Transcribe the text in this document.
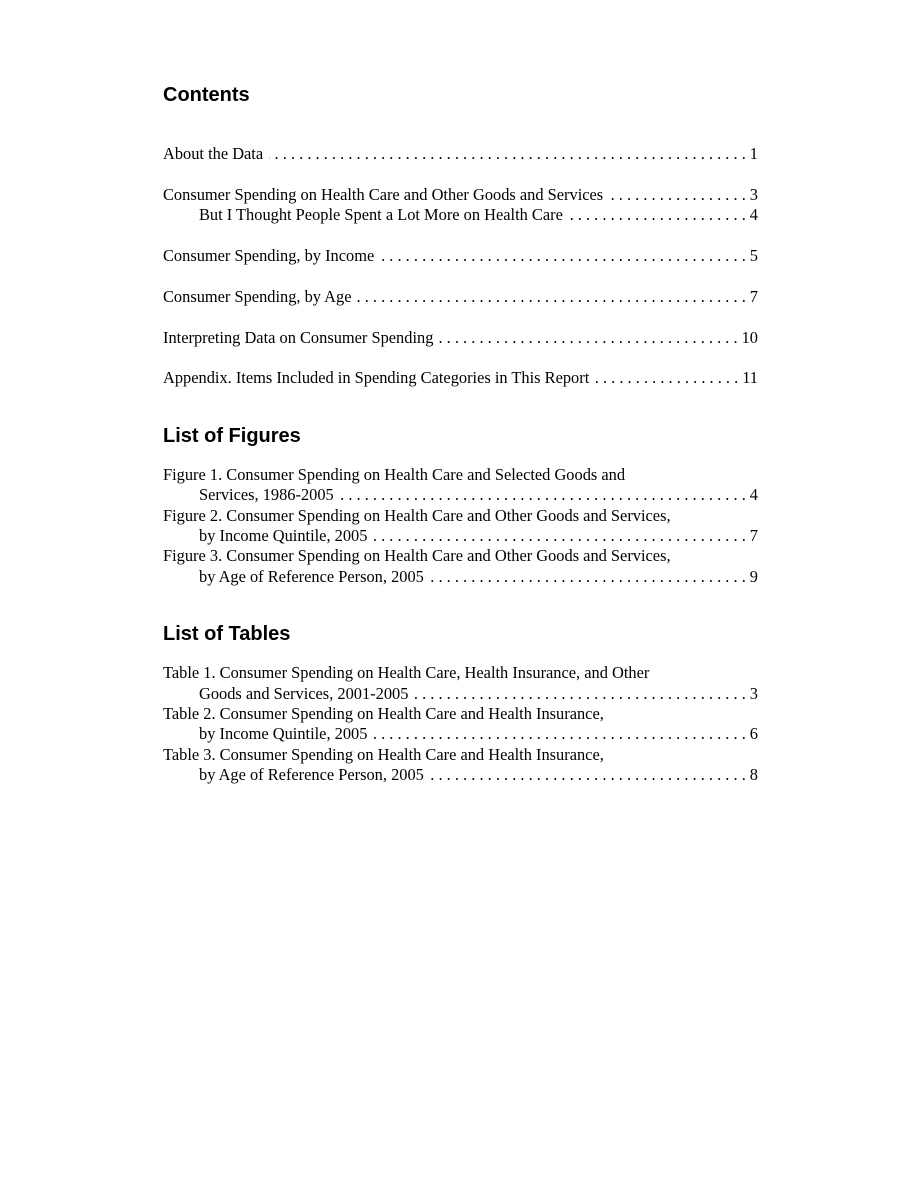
Contents
About the Data . . .	1
Consumer Spending on Health Care and Other Goods and Services . . .	3
But I Thought People Spent a Lot More on Health Care . . .	4
Consumer Spending, by Income . . .	5
Consumer Spending, by Age . . .	7
Interpreting Data on Consumer Spending . . .	10
Appendix. Items Included in Spending Categories in This Report . . .	11
List of Figures
Figure 1. Consumer Spending on Health Care and Selected Goods and
Services, 1986-2005 . . .	4
Figure 2. Consumer Spending on Health Care and Other Goods and Services,
by Income Quintile, 2005 . . .	7
Figure 3. Consumer Spending on Health Care and Other Goods and Services,
by Age of Reference Person, 2005 . . .	9
List of Tables
Table 1. Consumer Spending on Health Care, Health Insurance, and Other
Goods and Services, 2001-2005 . . .	3
Table 2. Consumer Spending on Health Care and Health Insurance,
by Income Quintile, 2005 . . .	6
Table 3. Consumer Spending on Health Care and Health Insurance,
by Age of Reference Person, 2005 . . .	8
